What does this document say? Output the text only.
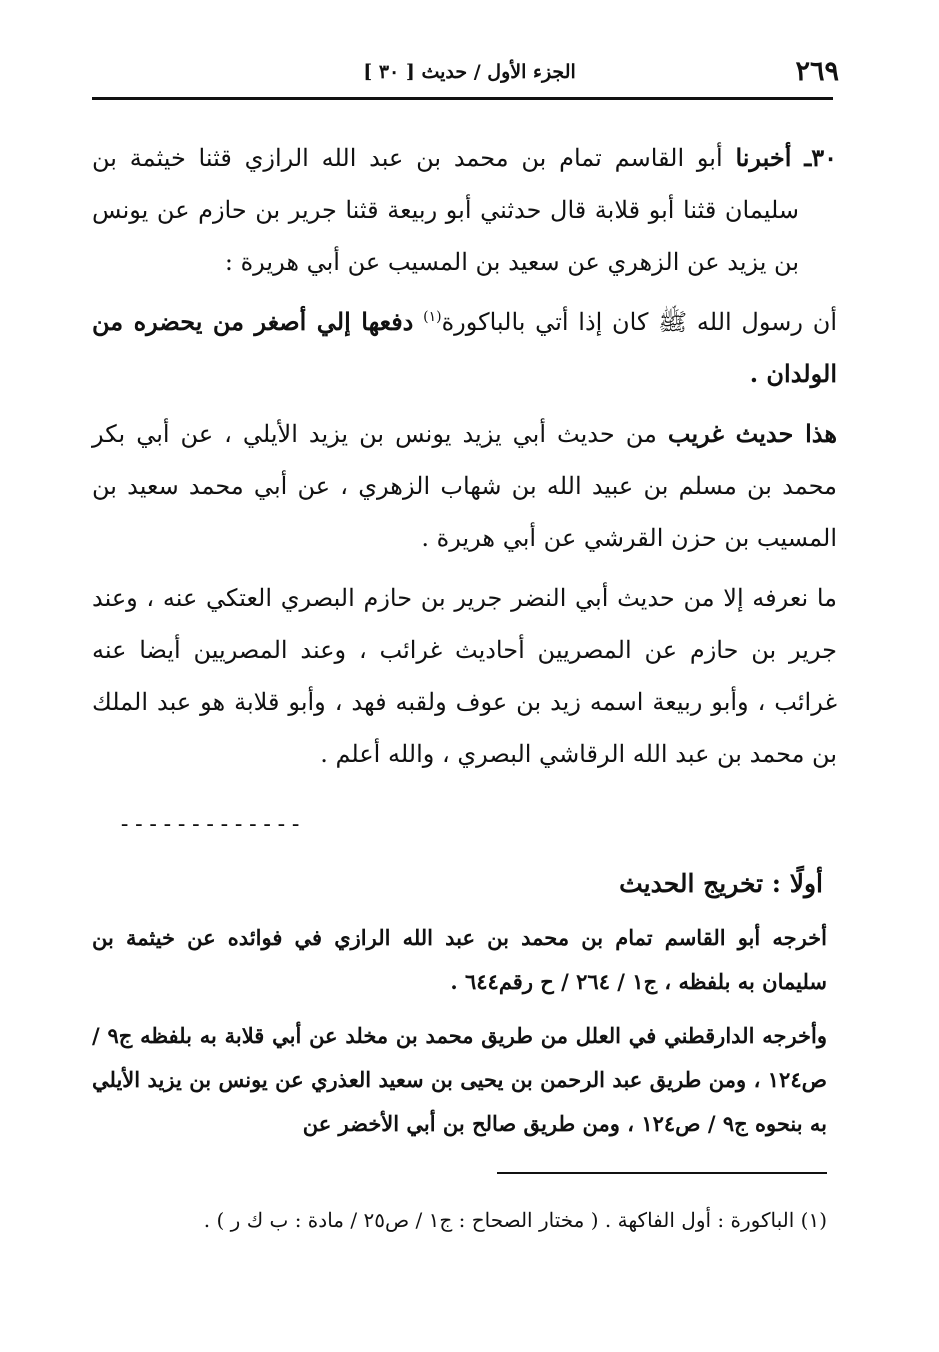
٢٦٩
الجزء الأول / حديث [ ٣٠ ]

٣٠ـ أخبرنا أبو القاسم تمام بن محمد بن عبد الله الرازي قثنا خيثمة بن سليمان قثنا أبو قلابة قال حدثني أبو ربيعة قثنا جرير بن حازم عن يونس بن يزيد عن الزهري عن سعيد بن المسيب عن أبي هريرة :

أن رسول الله ﷺ كان إذا أتي بالباكورة$^{(١)}$ دفعها إلي أصغر من يحضره من الولدان .

هذا حديث غريب من حديث أبي يزيد يونس بن يزيد الأيلي ، عن أبي بكر محمد بن مسلم بن عبيد الله بن شهاب الزهري ، عن أبي محمد سعيد بن المسيب بن حزن القرشي عن أبي هريرة .

ما نعرفه إلا من حديث أبي النضر جرير بن حازم البصري العتكي عنه ، وعند جرير بن حازم عن المصريين أحاديث غرائب ، وعند المصريين أيضا عنه غرائب ، وأبو ربيعة اسمه زيد بن عوف ولقبه فهد ، وأبو قلابة هو عبد الملك بن محمد بن عبد الله الرقاشي البصري ، والله أعلم .

-------------
أولًا : تخريج الحديث

أخرجه أبو القاسم تمام بن محمد بن عبد الله الرازي في فوائده عن خيثمة بن سليمان به بلفظه ، ج١ / ٢٦٤ / ح رقم٦٤٤ .

وأخرجه الدارقطني في العلل من طريق محمد بن مخلد عن أبي قلابة به بلفظه ج٩ / ص١٢٤ ، ومن طريق عبد الرحمن بن يحيى بن سعيد العذري عن يونس بن يزيد الأيلي به بنحوه ج٩ / ص١٢٤ ، ومن طريق صالح بن أبي الأخضر عن

(١) الباكورة : أول الفاكهة . ( مختار الصحاح : ج١ / ص٢٥ / مادة : ب ك ر ) .
